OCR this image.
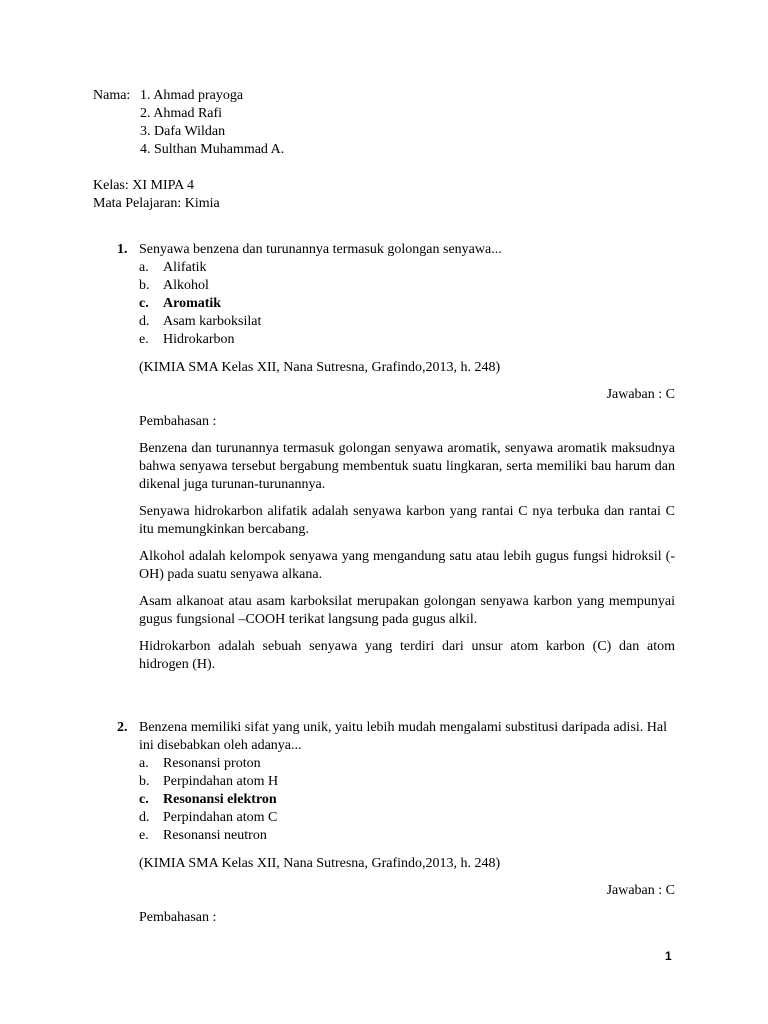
Nama: 1. Ahmad prayoga
2. Ahmad Rafi
3. Dafa Wildan
4. Sulthan Muhammad A.
Kelas: XI MIPA 4
Mata Pelajaran: Kimia
1. Senyawa benzena dan turunannya termasuk golongan senyawa...
a.	Alifatik
b. Alkohol
c.	Aromatik
d. Asam karboksilat
e.	Hidrokarbon
(KIMIA SMA Kelas XII, Nana Sutresna, Grafindo,2013, h. 248)
Jawaban : C
Pembahasan :
Benzena dan turunannya termasuk golongan senyawa aromatik, senyawa aromatik maksudnya bahwa senyawa tersebut bergabung membentuk suatu lingkaran, serta memiliki bau harum dan dikenal juga turunan-turunannya.
Senyawa hidrokarbon alifatik adalah senyawa karbon yang rantai C nya terbuka dan rantai C itu memungkinkan bercabang.
Alkohol adalah kelompok senyawa yang mengandung satu atau lebih gugus fungsi hidroksil (-OH) pada suatu senyawa alkana.
Asam alkanoat atau asam karboksilat merupakan golongan senyawa karbon yang mempunyai gugus fungsional –COOH terikat langsung pada gugus alkil.
Hidrokarbon adalah sebuah senyawa yang terdiri dari unsur atom karbon (C) dan atom hidrogen (H).
2. Benzena memiliki sifat yang unik, yaitu lebih mudah mengalami substitusi daripada adisi. Hal ini disebabkan oleh adanya...
a.	Resonansi proton
b. Perpindahan atom H
c.	Resonansi elektron
d. Perpindahan atom C
e.	Resonansi neutron
(KIMIA SMA Kelas XII, Nana Sutresna, Grafindo,2013, h. 248)
Jawaban : C
Pembahasan :
1
